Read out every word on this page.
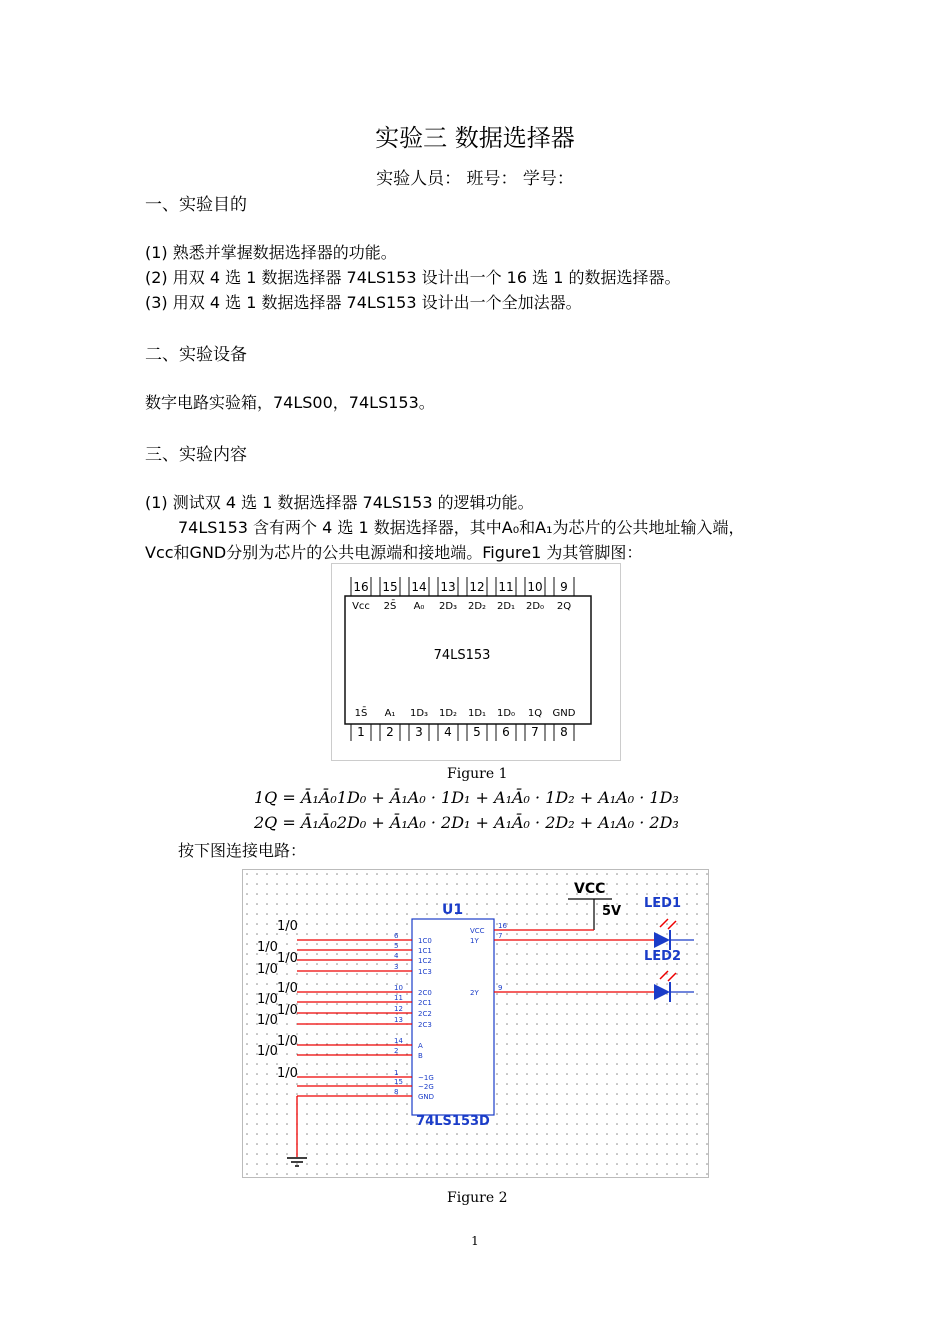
实验三 数据选择器
实验人员： 班号： 学号：
一、实验目的
(1) 熟悉并掌握数据选择器的功能。
(2) 用双 4 选 1 数据选择器 74LS153 设计出一个 16 选 1 的数据选择器。
(3) 用双 4 选 1 数据选择器 74LS153 设计出一个全加法器。
二、实验设备
数字电路实验箱，74LS00，74LS153。
三、实验内容
(1) 测试双 4 选 1 数据选择器 74LS153 的逻辑功能。
74LS153 含有两个 4 选 1 数据选择器，其中A₀和A₁为芯片的公共地址输入端，
Vcc和GND分别为芯片的公共电源端和接地端。Figure1 为其管脚图：
16
Vcc
15
2S̄
14
A₀
13
2D₃
12
2D₂
11
2D₁
10
2D₀
9
2Q
1S̄
1
A₁
2
1D₃
3
1D₂
4
1D₁
5
1D₀
6
1Q
7
GND
8
74LS153
Figure 1
1Q = Ā₁Ā₀1D₀ + Ā₁A₀ · 1D₁ + A₁Ā₀ · 1D₂ + A₁A₀ · 1D₃
2Q = Ā₁Ā₀2D₀ + Ā₁A₀ · 2D₁ + A₁Ā₀ · 2D₂ + A₁A₀ · 2D₃
按下图连接电路：
U1
74LS153D
VCC
5V
LED1
LED2
6
1C0
5
1C1
4
1C2
3
1C3
10
2C0
11
2C1
12
2C2
13
2C3
14
A
2
B
1
~1G
15
~2G
8
GND
1/0
1/0
1/0
1/0
1/0
1/0
1/0
1/0
1/0
1/0
1/0
16
VCC
7
1Y
9
2Y
Figure 2
1
